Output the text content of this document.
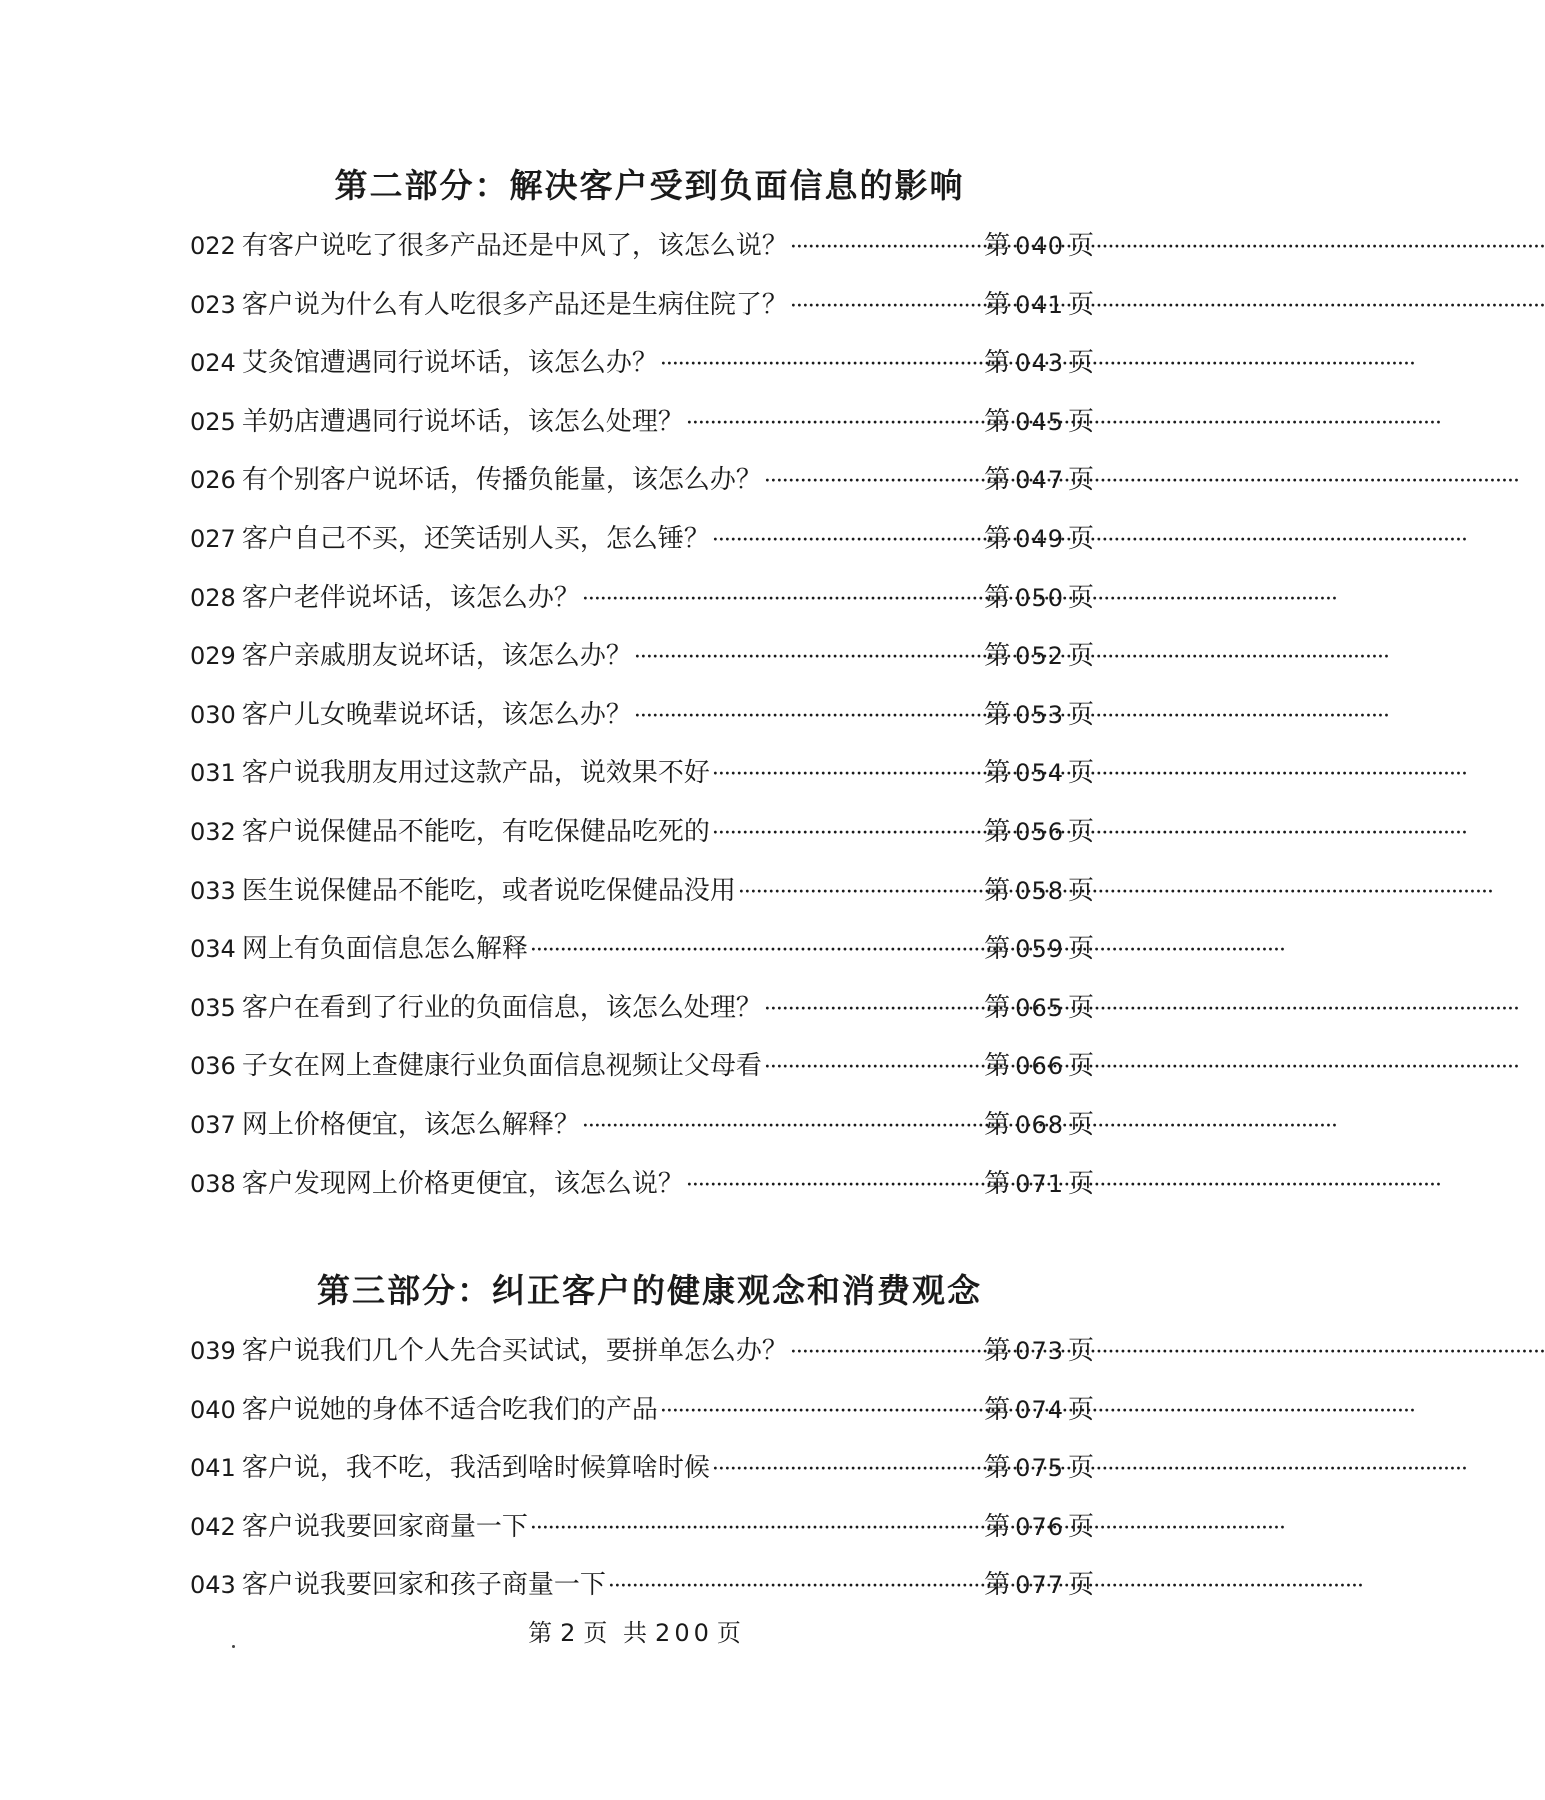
第二部分：解决客户受到负面信息的影响
022 有客户说吃了很多产品还是中风了，该怎么说？ ·····	第 040 页
023 客户说为什么有人吃很多产品还是生病住院了？ ·····	第 041 页
024 艾灸馆遭遇同行说坏话，该怎么办？ ·····	第 043 页
025 羊奶店遭遇同行说坏话，该怎么处理？ ·····	第 045 页
026 有个别客户说坏话，传播负能量，该怎么办？ ·····	第 047 页
027 客户自己不买，还笑话别人买，怎么锤？ ·····	第 049 页
028 客户老伴说坏话，该怎么办？ ·····	第 050 页
029 客户亲戚朋友说坏话，该怎么办？ ·····	第 052 页
030 客户儿女晚辈说坏话，该怎么办？ ·····	第 053 页
031 客户说我朋友用过这款产品，说效果不好 ·····	第 054 页
032 客户说保健品不能吃，有吃保健品吃死的 ·····	第 056 页
033 医生说保健品不能吃，或者说吃保健品没用 ·····	第 058 页
034 网上有负面信息怎么解释 ·····	第 059 页
035 客户在看到了行业的负面信息，该怎么处理？ ·····	第 065 页
036 子女在网上查健康行业负面信息视频让父母看 ·····	第 066 页
037 网上价格便宜，该怎么解释？ ·····	第 068 页
038 客户发现网上价格更便宜，该怎么说？ ·····	第 071 页
第三部分：纠正客户的健康观念和消费观念
039 客户说我们几个人先合买试试，要拼单怎么办？ ·····	第 073 页
040 客户说她的身体不适合吃我们的产品 ·····	第 074 页
041 客户说，我不吃，我活到啥时候算啥时候 ·····	第 075 页
042 客户说我要回家商量一下 ·····	第 076 页
043 客户说我要回家和孩子商量一下 ·····	第 077 页
第 2 页 共 200 页
